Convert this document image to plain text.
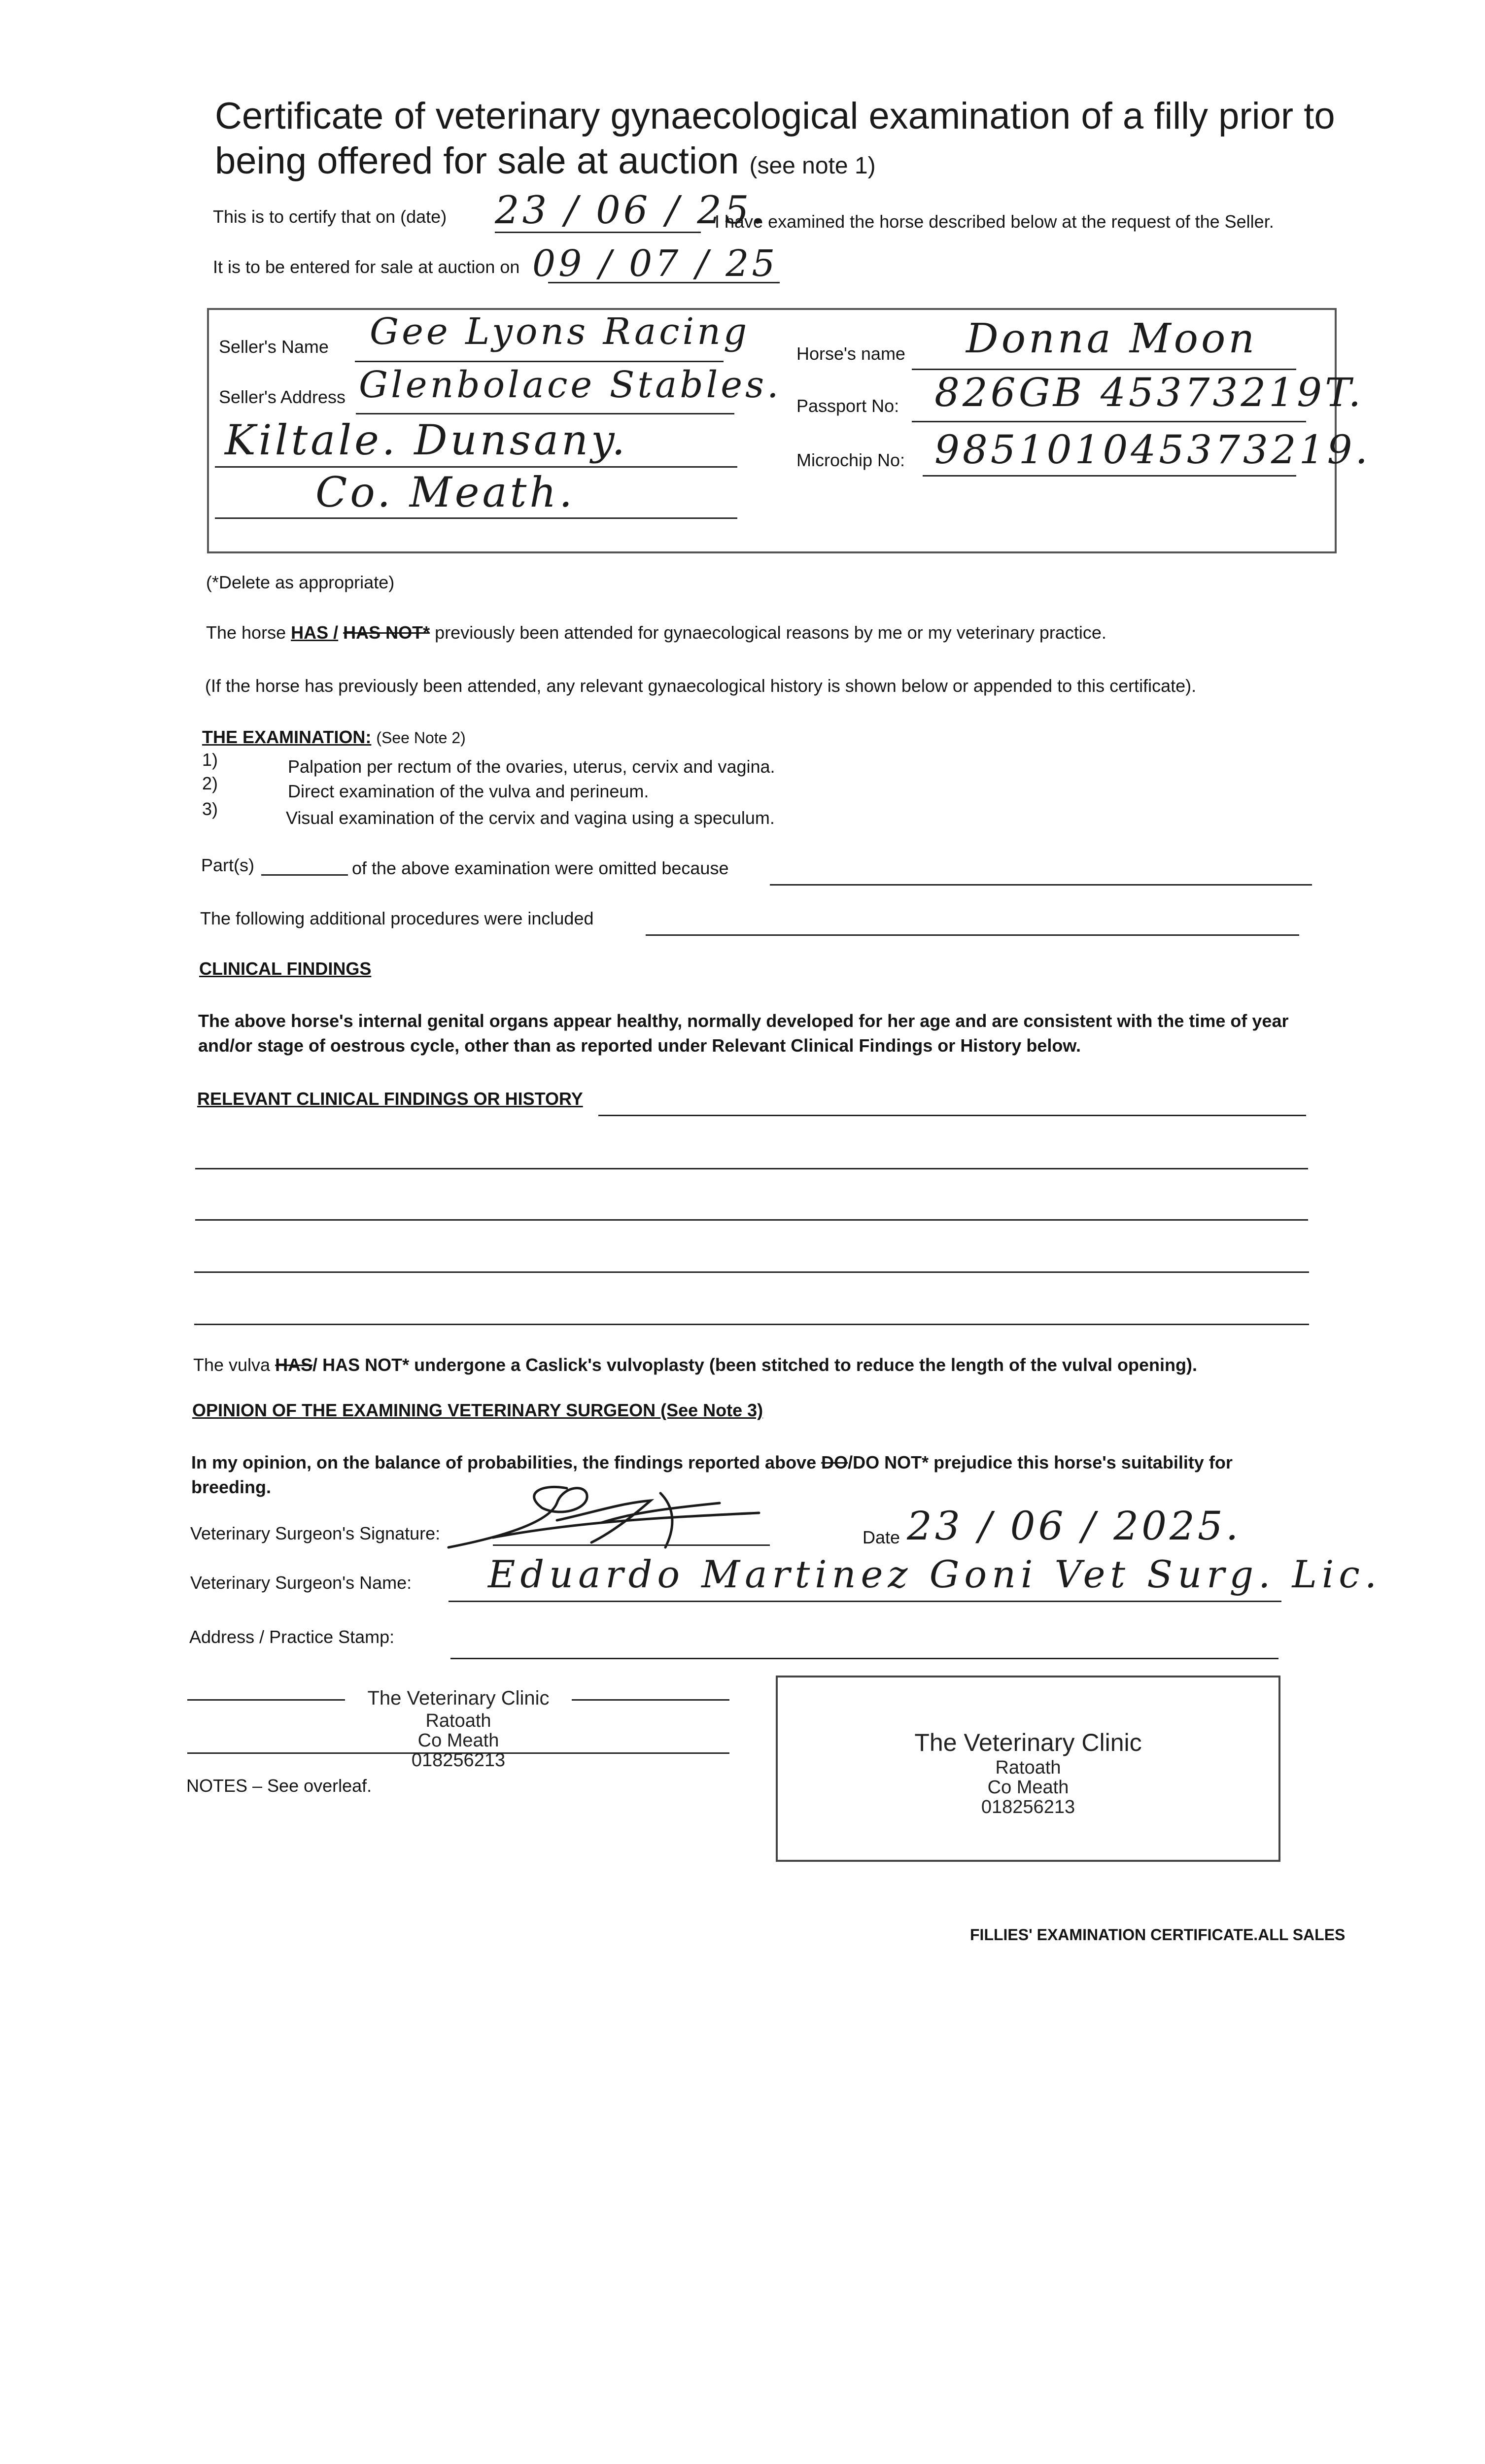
Certificate of veterinary gynaecological examination of a filly prior to
being offered for sale at auction (see note 1)
This is to certify that on (date) 23 / 06 / 25.
I have examined the horse described below at the request of the Seller.
It is to be entered for sale at auction on 09 / 07 / 25
Seller's Name Gee Lyons Racing
Seller's Address Glenbolace Stables.
Kiltale. Dunsany.
Co. Meath.
Horse's name Donna Moon
Passport No: 826GB 45373219T.
Microchip No: 985101045373219.
(*Delete as appropriate)
The horse HAS / HAS NOT* previously been attended for gynaecological reasons by me or my veterinary practice.
(If the horse has previously been attended, any relevant gynaecological history is shown below or appended to this certificate).
THE EXAMINATION: (See Note 2)
1)	Palpation per rectum of the ovaries, uterus, cervix and vagina.
2)	Direct examination of the vulva and perineum.
3)	Visual examination of the cervix and vagina using a speculum.
Part(s)	of the above examination were omitted because
The following additional procedures were included
CLINICAL FINDINGS
The above horse's internal genital organs appear healthy, normally developed for her age and are consistent with the time of year
and/or stage of oestrous cycle, other than as reported under Relevant Clinical Findings or History below.
RELEVANT CLINICAL FINDINGS OR HISTORY
The vulva HAS/ HAS NOT* undergone a Caslick's vulvoplasty (been stitched to reduce the length of the vulval opening).
OPINION OF THE EXAMINING VETERINARY SURGEON (See Note 3)
In my opinion, on the balance of probabilities, the findings reported above DO/DO NOT* prejudice this horse's suitability for
breeding.
Veterinary Surgeon's Signature:	Date 23 / 06 / 2025.
Veterinary Surgeon's Name: Eduardo Martinez Goni Vet Surg. Lic.
Address / Practice Stamp:
The Veterinary Clinic
Ratoath
Co Meath
018256213
NOTES – See overleaf.
The Veterinary Clinic
Ratoath
Co Meath
018256213
FILLIES' EXAMINATION CERTIFICATE.ALL SALES
